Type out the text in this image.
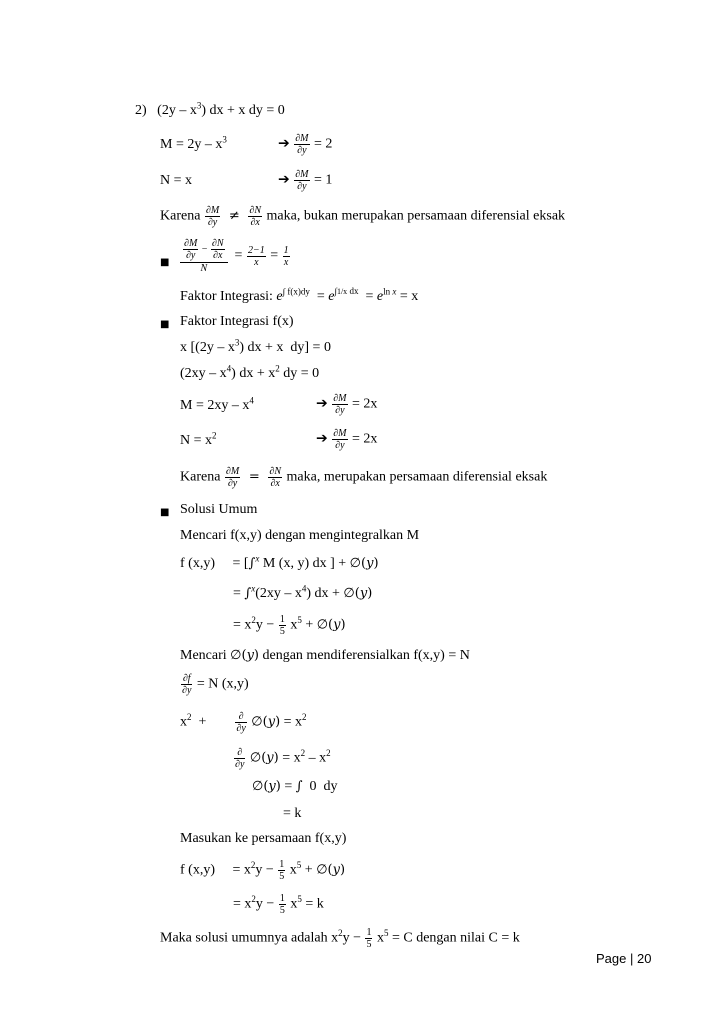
2)   $(2y - x^3)$ dx + x dy = 0
$M = 2y - x^3$	➔ $\frac{\partial M}{\partial y} = 2$
N = x	➔ $\frac{\partial M}{\partial y} = 1$
Karena $\frac{\partial M}{\partial y} \ne \frac{\partial N}{\partial x}$ maka, bukan merupakan persamaan diferensial eksak
■ $\frac{\frac{\partial M}{\partial y} - \frac{\partial N}{\partial x}}{N} = \frac{2-1}{x} = \frac{1}{x}$
Faktor Integrasi: $e^{\int f(x)dy} = e^{\int 1/x dx} = e^{ln x} = x$
■ Faktor Integrasi f(x)
x [$(2y - x^3)$ dx + x  dy] = 0
$(2xy - x^4)$ dx + $x^2$ dy = 0
$M = 2xy - x^4$	➔ $\frac{\partial M}{\partial y} = 2x$
$N = x^2$	➔ $\frac{\partial M}{\partial y} = 2x$
Karena $\frac{\partial M}{\partial y} = \frac{\partial N}{\partial x}$ maka, merupakan persamaan diferensial eksak
■ Solusi Umum
Mencari f(x,y) dengan mengintegralkan M
f (x,y)     = [∫$^x$ M (x, y) dx ] + ∅(y)
= $\int^x(2xy - x^4)$ dx + ∅(y)
= $x^2y - \frac{1}{5} x^5$ + ∅(y)
Mencari ∅(y) dengan mendiferensialkan f(x,y) = N
$\frac{\partial f}{\partial y} = N$ (x,y)
$x^2 + \frac{\partial}{\partial y}$ ∅(y) = $x^2$
$\frac{\partial}{\partial y}$ ∅(y) = $x^2 - x^2$
∅(y) = ∫  0  dy
= k
Masukan ke persamaan f(x,y)
f (x,y)     = $x^2y - \frac{1}{5} x^5$ + ∅(y)
= $x^2y - \frac{1}{5} x^5 = k$
Maka solusi umumnya adalah $x^2y - \frac{1}{5} x^5 = C$ dengan nilai C = k
Page | 20
